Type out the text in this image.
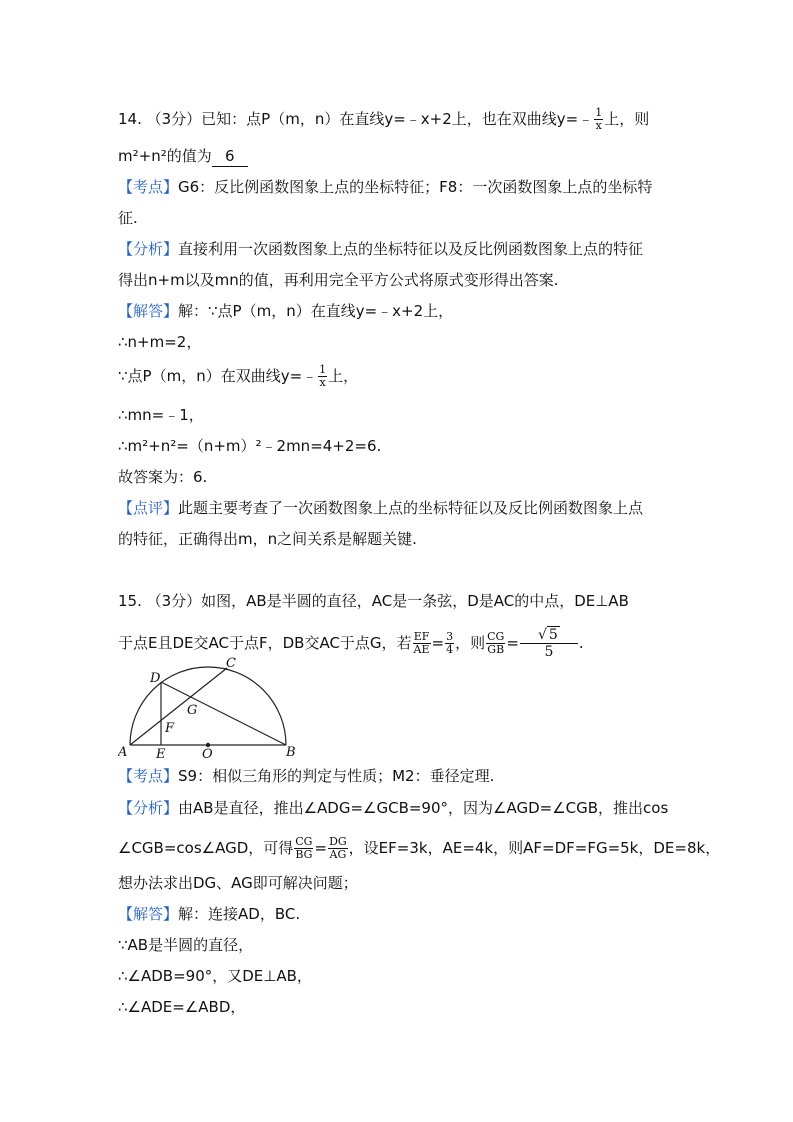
14. （3分）已知：点P（m，n）在直线y=﹣x+2上，也在双曲线y=﹣ $\frac{1}{x}$ 上，则
m²+n²的值为 6
【考点】G6：反比例函数图象上点的坐标特征；F8：一次函数图象上点的坐标特
征.
【分析】直接利用一次函数图象上点的坐标特征以及反比例函数图象上点的特征
得出n+m以及mn的值，再利用完全平方公式将原式变形得出答案.
【解答】解：∵点P（m，n）在直线y=﹣x+2上，
∴n+m=2，
∵点P（m，n）在双曲线y=﹣ $\frac{1}{x}$ 上，
∴mn=﹣1，
∴m²+n²=（n+m）²﹣2mn=4+2=6.
故答案为：6.
【点评】此题主要考查了一次函数图象上点的坐标特征以及反比例函数图象上点
的特征，正确得出m，n之间关系是解题关键.
15. （3分）如图，AB是半圆的直径，AC是一条弦，D是AC的中点，DE⊥AB
于点E且DE交AC于点F，DB交AC于点G，若 $\frac{EF}{AE} = \frac{3}{4}$ ，则 $\frac{CG}{GB} = \frac{√ 5}{5}$ .
A	B
C
D
E
F
G
O
【考点】S9：相似三角形的判定与性质；M2：垂径定理.
【分析】由AB是直径，推出∠ADG=∠GCB=90°，因为∠AGD=∠CGB，推出cos
∠CGB=cos∠AGD，可得 $\frac{CG}{BG} = \frac{DG}{AG}$ ，设EF=3k，AE=4k，则AF=DF=FG=5k，DE=8k，
想办法求出DG、AG即可解决问题；
【解答】解：连接AD，BC.
∵AB是半圆的直径，
∴∠ADB=90°，又DE⊥AB，
∴∠ADE=∠ABD，
